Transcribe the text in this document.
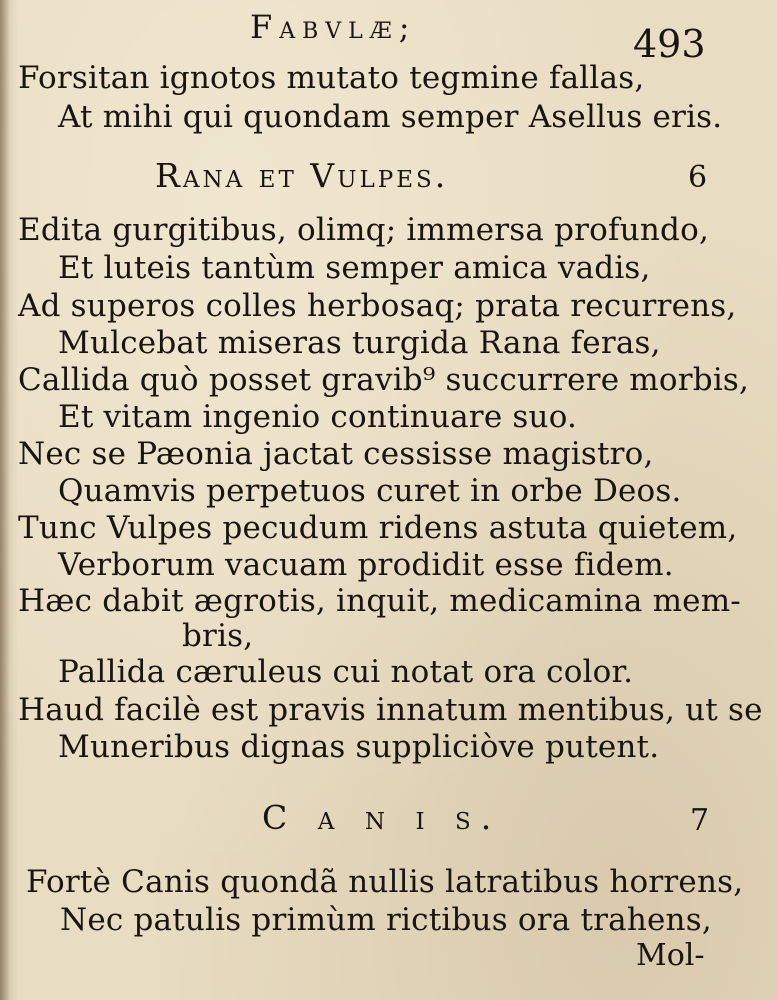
Fabvlæ;	493
Forsitan ignotos mutato tegmine fallas,
At mihi qui quondam semper Asellus eris.
Rana et Vulpes.	6
Edita gurgitibus, olimq; immersa profundo,
Et luteis tantùm semper amica vadis,
Ad superos colles herbosaq; prata recurrens,
Mulcebat miseras turgida Rana feras,
Callida quò posset gravib⁹ succurrere morbis,
Et vitam ingenio continuare suo.
Nec se Pæonia jactat cessisse magistro,
Quamvis perpetuos curet in orbe Deos.
Tunc Vulpes pecudum ridens astuta quietem,
Verborum vacuam prodidit esse fidem.
Hæc dabit ægrotis, inquit, medicamina mem-
bris,
Pallida cæruleus cui notat ora color.
Haud facilè est pravis innatum mentibus, ut se
Muneribus dignas suppliciòve putent.
C a n i s.	7
Fortè Canis quondã nullis latratibus horrens,
Nec patulis primùm rictibus ora trahens,
Mol-
